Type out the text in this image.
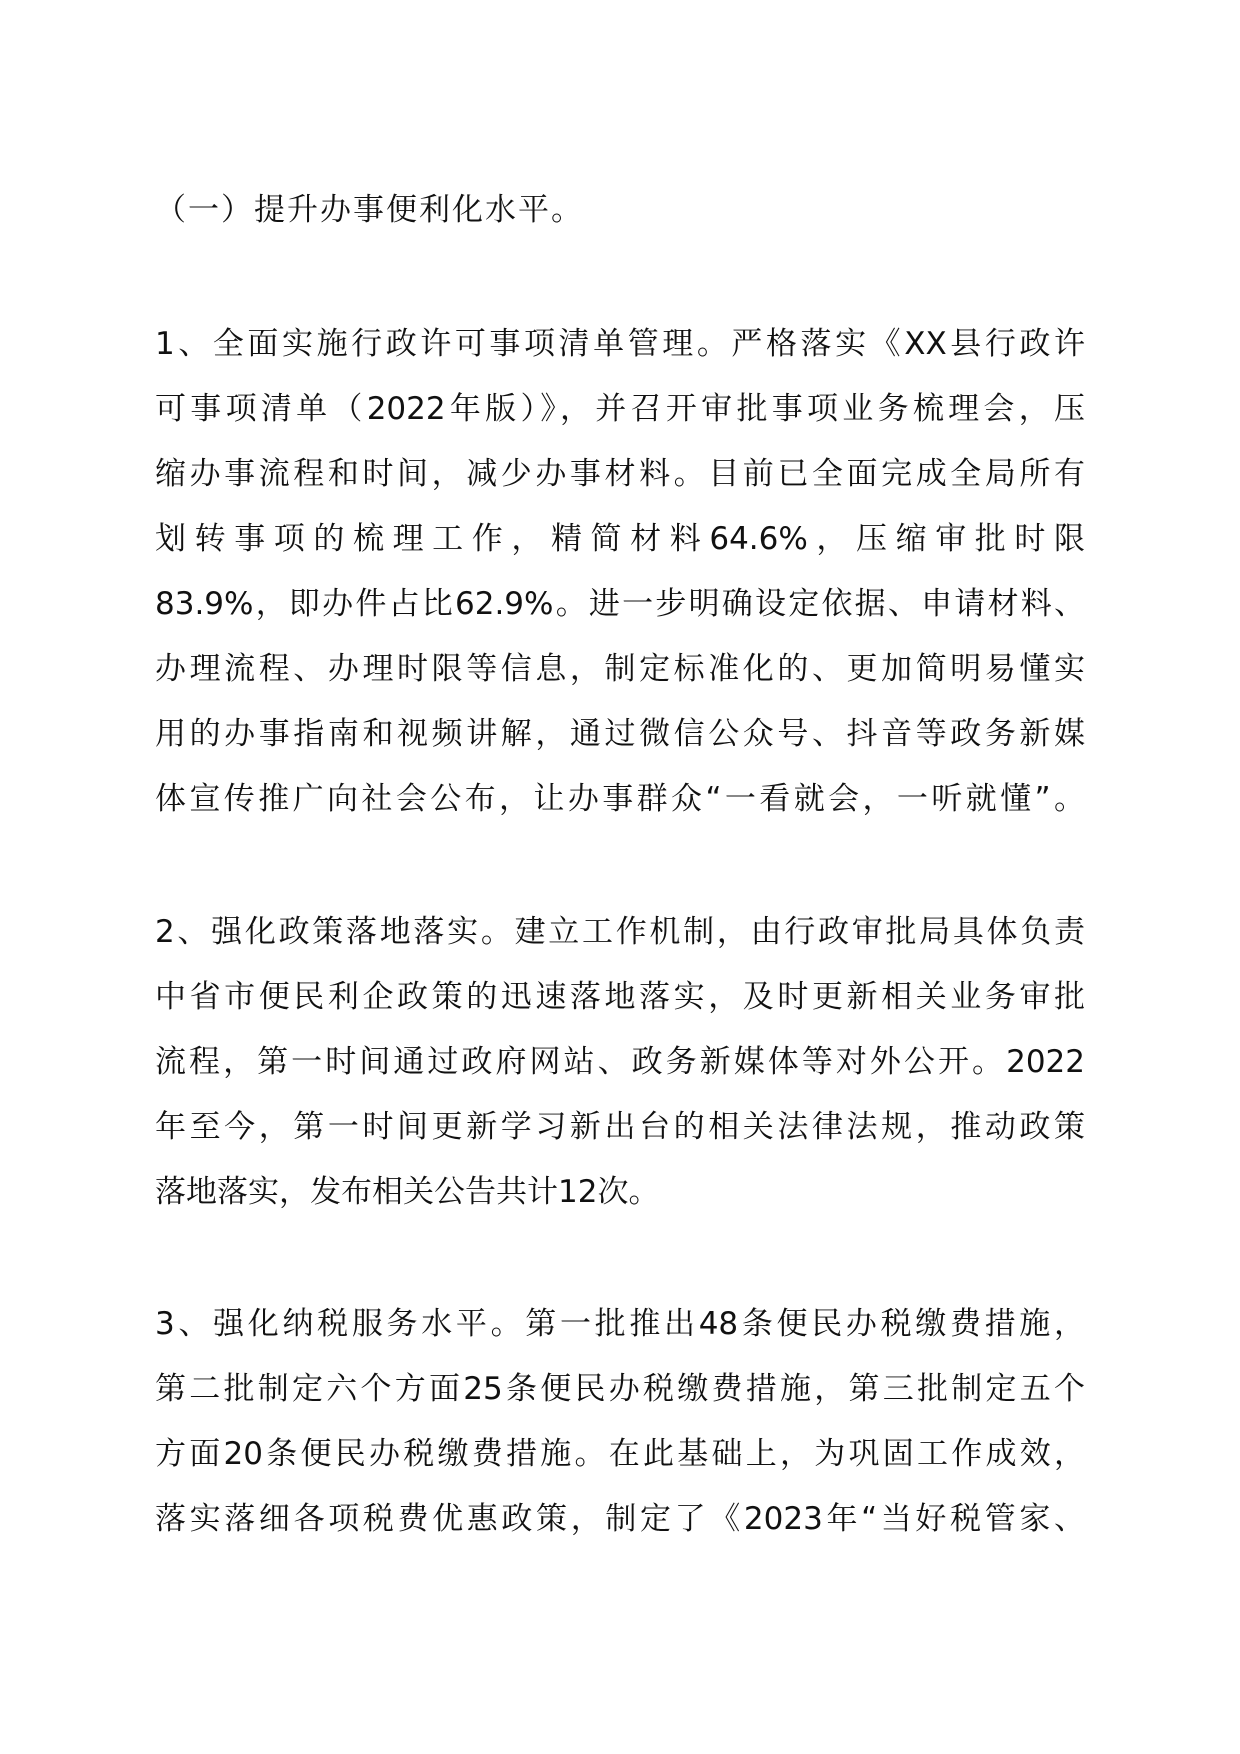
（一）提升办事便利化水平。
1、全面实施行政许可事项清单管理。严格落实《XX县行政许
可事项清单（2022年版）》，并召开审批事项业务梳理会，压
缩办事流程和时间，减少办事材料。目前已全面完成全局所有
划转事项的梳理工作，精简材料64.6%，压缩审批时限
83.9%，即办件占比62.9%。进一步明确设定依据、申请材料、
办理流程、办理时限等信息，制定标准化的、更加简明易懂实
用的办事指南和视频讲解，通过微信公众号、抖音等政务新媒
体宣传推广向社会公布，让办事群众“一看就会，一听就懂”。
2、强化政策落地落实。建立工作机制，由行政审批局具体负责
中省市便民利企政策的迅速落地落实，及时更新相关业务审批
流程，第一时间通过政府网站、政务新媒体等对外公开。2022
年至今，第一时间更新学习新出台的相关法律法规，推动政策
落地落实，发布相关公告共计12次。
3、强化纳税服务水平。第一批推出48条便民办税缴费措施，
第二批制定六个方面25条便民办税缴费措施，第三批制定五个
方面20条便民办税缴费措施。在此基础上，为巩固工作成效，
落实落细各项税费优惠政策，制定了《2023年“当好税管家、
